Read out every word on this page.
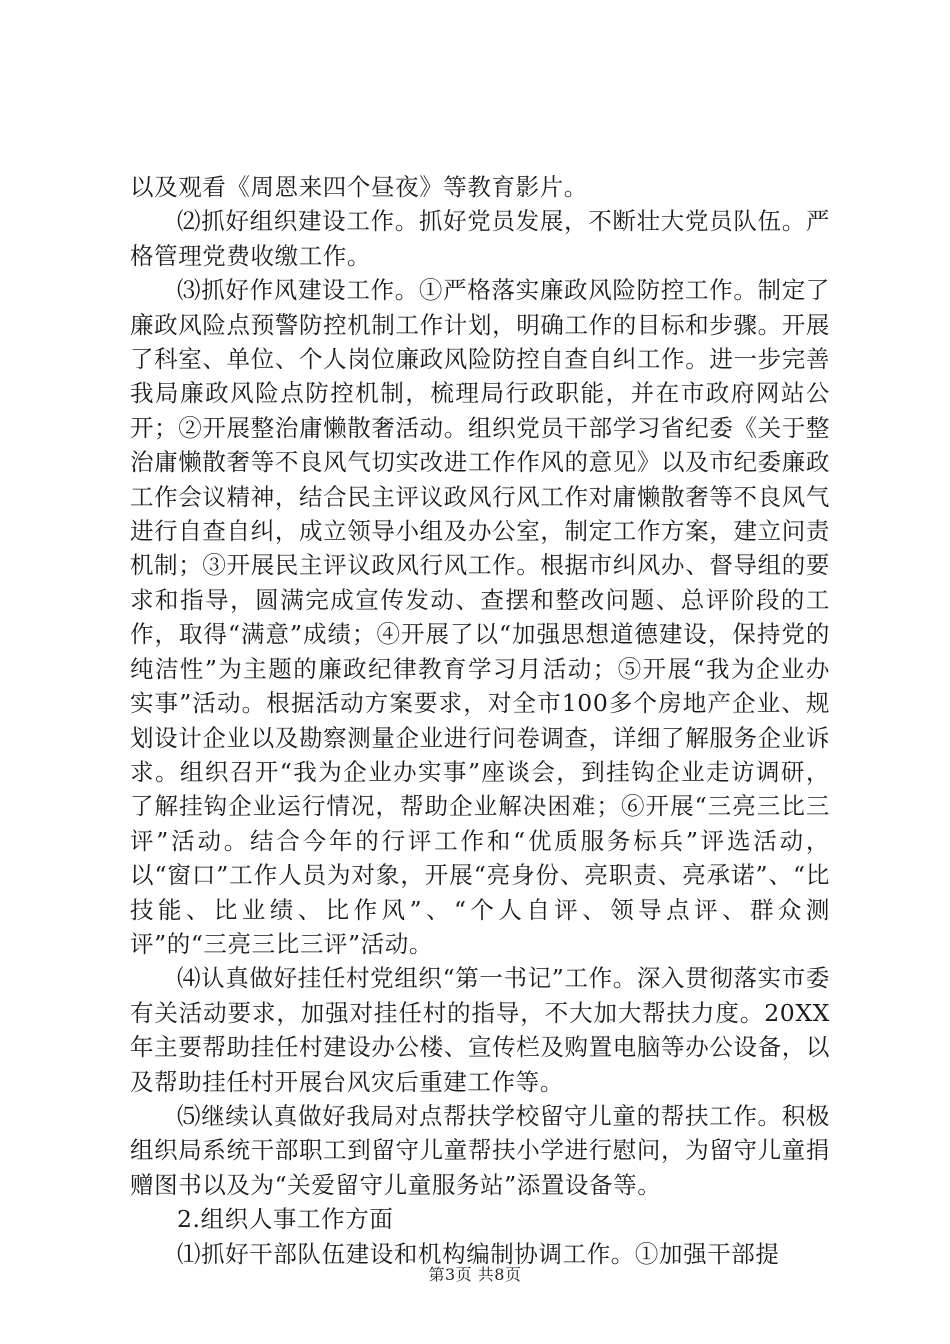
以及观看《周恩来四个昼夜》等教育影片。

⑵抓好组织建设工作。抓好党员发展，不断壮大党员队伍。严格管理党费收缴工作。

⑶抓好作风建设工作。①严格落实廉政风险防控工作。制定了廉政风险点预警防控机制工作计划，明确工作的目标和步骤。开展了科室、单位、个人岗位廉政风险防控自查自纠工作。进一步完善我局廉政风险点防控机制，梳理局行政职能，并在市政府网站公开；②开展整治庸懒散奢活动。组织党员干部学习省纪委《关于整治庸懒散奢等不良风气切实改进工作作风的意见》以及市纪委廉政工作会议精神，结合民主评议政风行风工作对庸懒散奢等不良风气进行自查自纠，成立领导小组及办公室，制定工作方案，建立问责机制；③开展民主评议政风行风工作。根据市纠风办、督导组的要求和指导，圆满完成宣传发动、查摆和整改问题、总评阶段的工作，取得“满意”成绩；④开展了以“加强思想道德建设，保持党的纯洁性”为主题的廉政纪律教育学习月活动；⑤开展“我为企业办实事”活动。根据活动方案要求，对全市100多个房地产企业、规划设计企业以及勘察测量企业进行问卷调查，详细了解服务企业诉求。组织召开“我为企业办实事”座谈会，到挂钩企业走访调研，了解挂钩企业运行情况，帮助企业解决困难；⑥开展“三亮三比三评”活动。结合今年的行评工作和“优质服务标兵”评选活动，以“窗口”工作人员为对象，开展“亮身份、亮职责、亮承诺”、“比技能、比业绩、比作风”、“个人自评、领导点评、群众测评”的“三亮三比三评”活动。

⑷认真做好挂任村党组织“第一书记”工作。深入贯彻落实市委有关活动要求，加强对挂任村的指导，不大加大帮扶力度。20XX年主要帮助挂任村建设办公楼、宣传栏及购置电脑等办公设备，以及帮助挂任村开展台风灾后重建工作等。

⑸继续认真做好我局对点帮扶学校留守儿童的帮扶工作。积极组织局系统干部职工到留守儿童帮扶小学进行慰问，为留守儿童捐赠图书以及为“关爱留守儿童服务站”添置设备等。

2.组织人事工作方面

⑴抓好干部队伍建设和机构编制协调工作。①加强干部提

第3页 共8页
